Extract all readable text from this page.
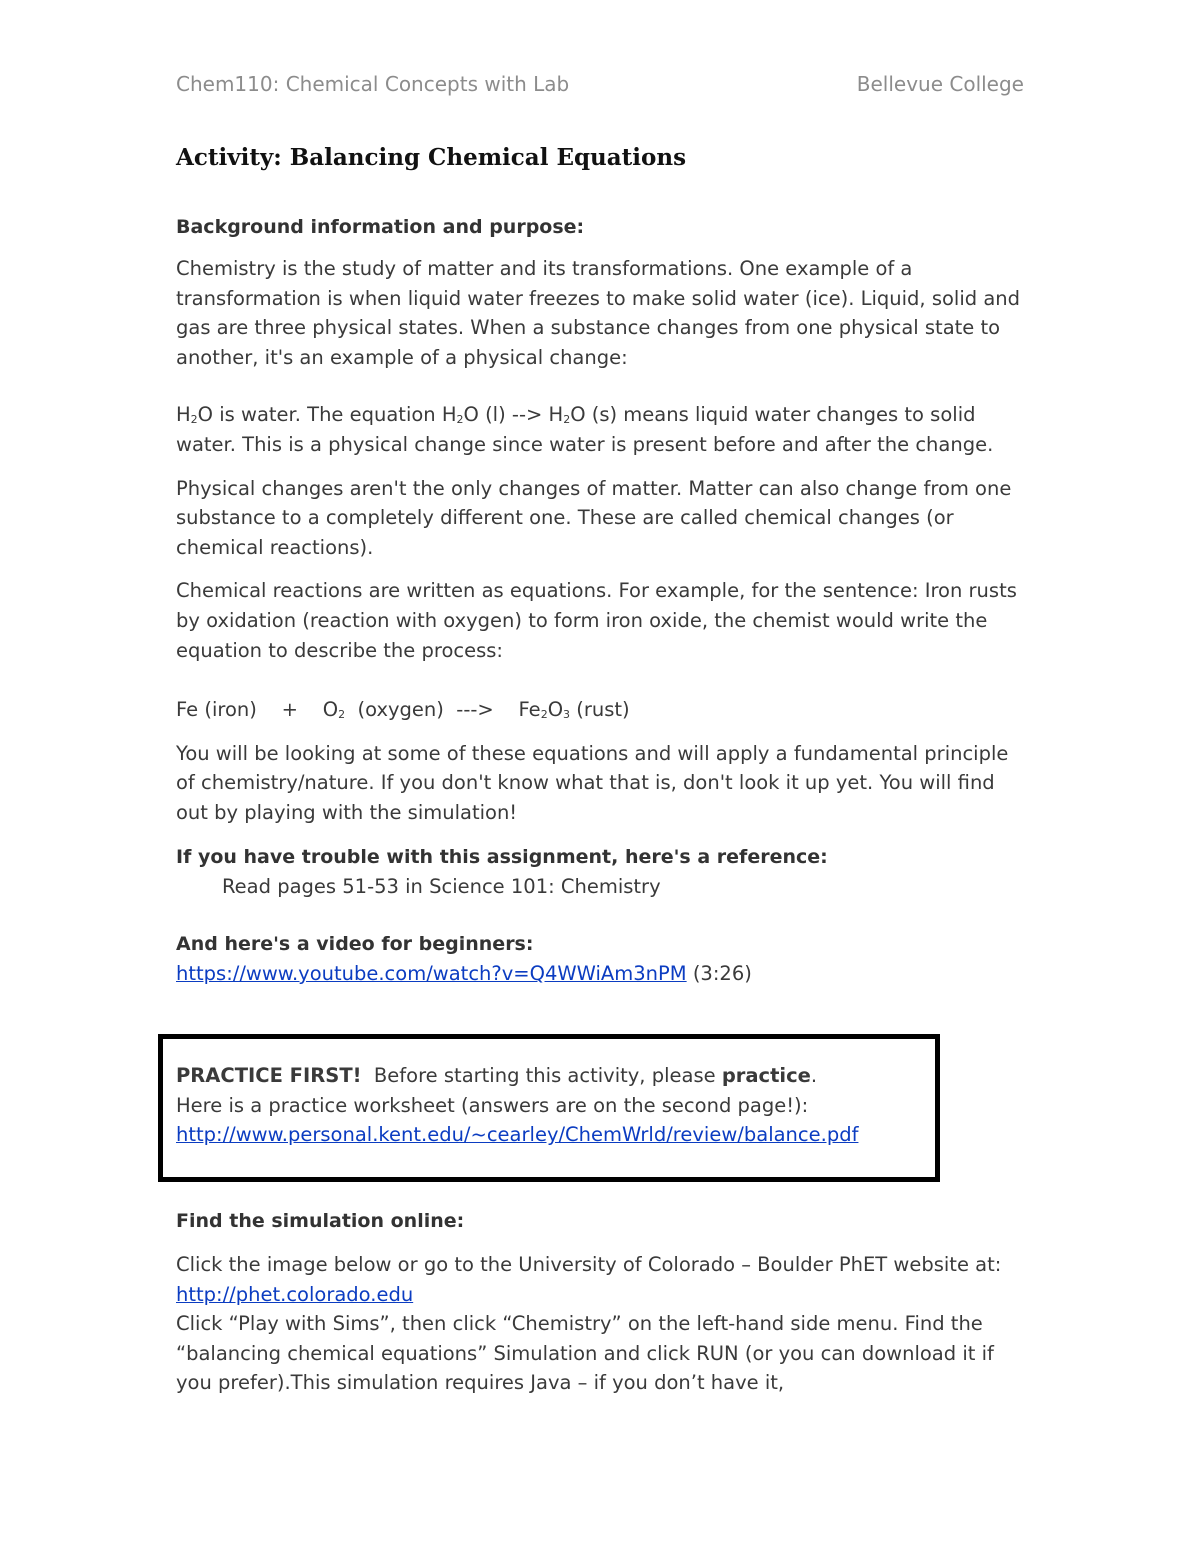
Chem110: Chemical Concepts with Lab	Bellevue College
Activity: Balancing Chemical Equations
Background information and purpose:

Chemistry is the study of matter and its transformations. One example of a transformation is when liquid water freezes to make solid water (ice). Liquid, solid and gas are three physical states. When a substance changes from one physical state to another, it's an example of a physical change:

$H_2O$ is water. The equation $H_2O$ (l) --> $H_2O$ (s) means liquid water changes to solid water. This is a physical change since water is present before and after the change.

Physical changes aren't the only changes of matter. Matter can also change from one substance to a completely different one. These are called chemical changes (or chemical reactions).

Chemical reactions are written as equations. For example, for the sentence: Iron rusts by oxidation (reaction with oxygen) to form iron oxide, the chemist would write the equation to describe the process:

Fe (iron)    +    $O_2$  (oxygen)  --->    $Fe_2O_3$ (rust)

You will be looking at some of these equations and will apply a fundamental principle of chemistry/nature. If you don't know what that is, don't look it up yet. You will find out by playing with the simulation!

If you have trouble with this assignment, here's a reference:

Read pages 51-53 in Science 101: Chemistry

And here's a video for beginners:

https://www.youtube.com/watch?v=Q4WWiAm3nPM (3:26)

PRACTICE FIRST!  Before starting this activity, please practice.

Here is a practice worksheet (answers are on the second page!):

http://www.personal.kent.edu/~cearley/ChemWrld/review/balance.pdf

Find the simulation online:

Click the image below or go to the University of Colorado – Boulder PhET website at:  http://phet.colorado.edu

Click “Play with Sims”, then click “Chemistry” on the left-hand side menu. Find the “balancing chemical equations” Simulation and click RUN (or you can download it if you prefer).This simulation requires Java – if you don’t have it,
